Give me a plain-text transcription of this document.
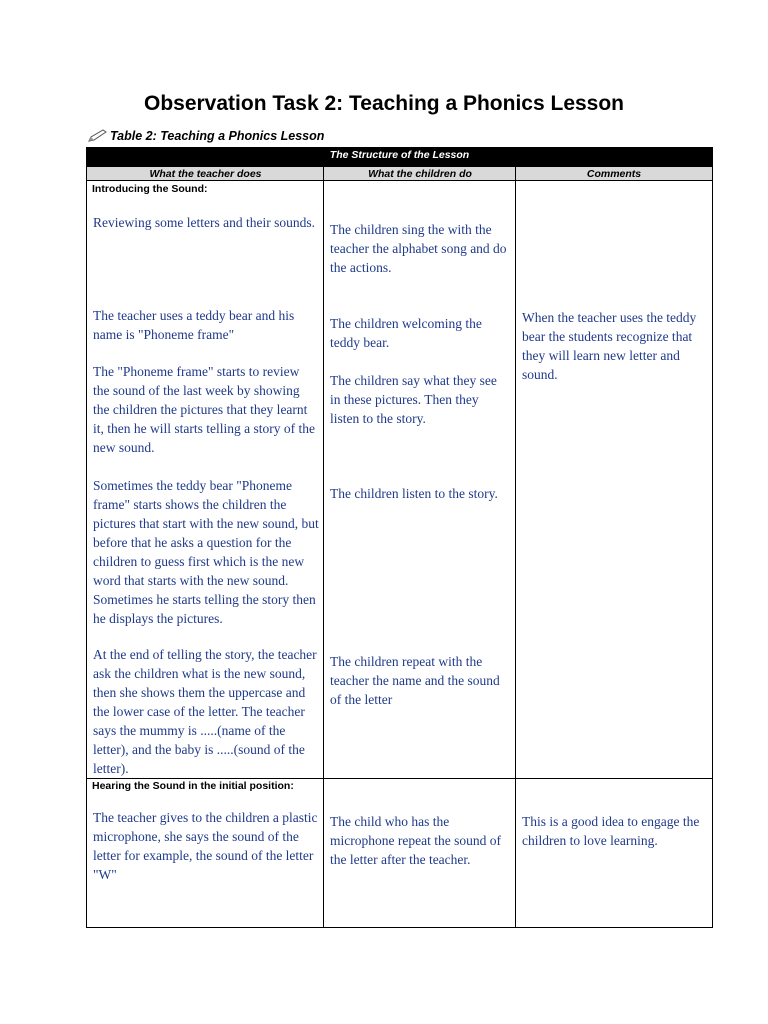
Observation Task 2: Teaching a Phonics Lesson
Table 2: Teaching a Phonics Lesson
The Structure of the Lesson
What the teacher does	What the children do	Comments
Introducing the Sound:
Reviewing some letters and their sounds. The children sing the with the teacher the alphabet song and do the actions.
The teacher uses a teddy bear and his name is "Phoneme frame"
The children welcoming the teddy bear.
When the teacher uses the teddy bear the students recognize that they will learn new letter and sound.
The "Phoneme frame" starts to review the sound of the last week by showing the children the pictures that they learnt it, then he will starts telling a story of the new sound.
The children say what they see in these pictures. Then they listen to the story.
Sometimes the teddy bear "Phoneme frame" starts shows the children the pictures that start with the new sound, but before that he asks a question for the children to guess first which is the new word that starts with the new sound. Sometimes he starts telling the story then he displays the pictures.
The children listen to the story.
At the end of telling the story, the teacher ask the children what is the new sound, then she shows them the uppercase and the lower case of the letter. The teacher says the mummy is .....(name of the letter), and the baby is .....(sound of the letter).
The children repeat with the teacher the name and the sound of the letter
Hearing the Sound in the initial position:
The teacher gives to the children a plastic microphone, she says the sound of the letter for example, the sound of the letter "W"
The child who has the microphone repeat the sound of the letter after the teacher.
This is a good idea to engage the children to love learning.
